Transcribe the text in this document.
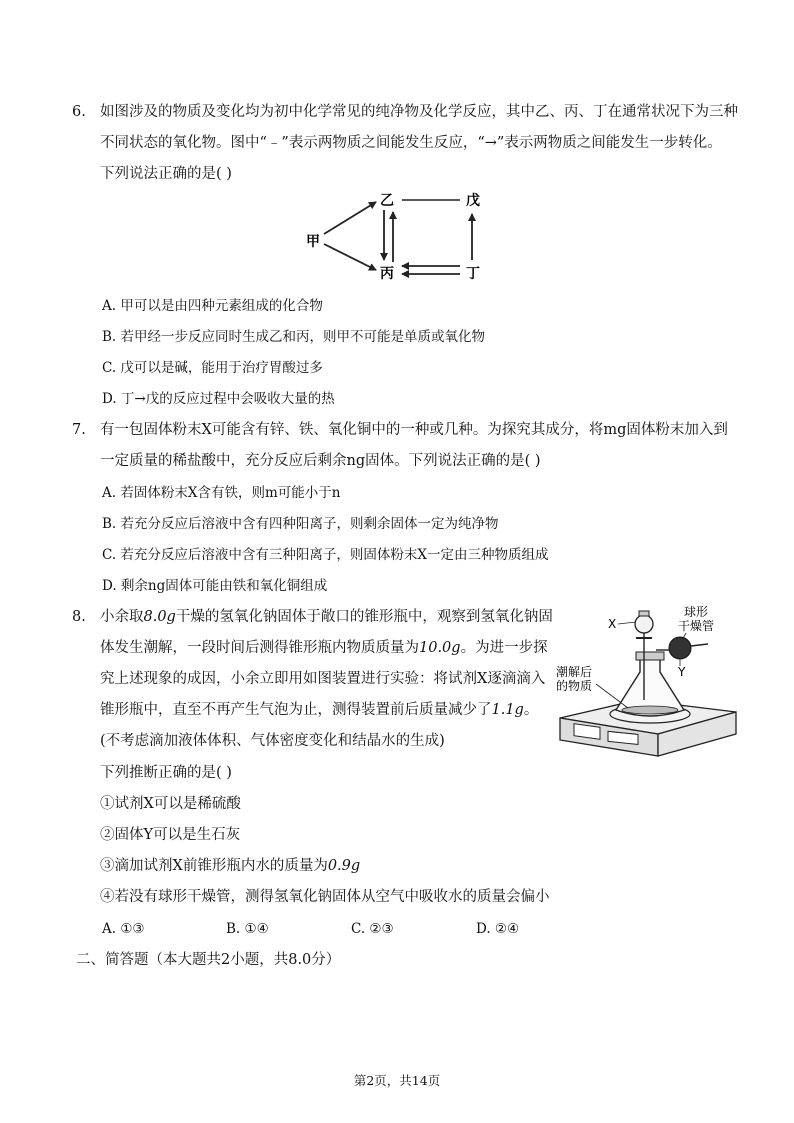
6. 如图涉及的物质及变化均为初中化学常见的纯净物及化学反应，其中乙、丙、丁在通常状况下为三种
不同状态的氧化物。图中“﹣”表示两物质之间能发生反应，“→”表示两物质之间能发生一步转化。
下列说法正确的是( )
甲
乙	戊
丙	丁
A. 甲可以是由四种元素组成的化合物
B. 若甲经一步反应同时生成乙和丙，则甲不可能是单质或氧化物
C. 戊可以是碱，能用于治疗胃酸过多
D. 丁→戊的反应过程中会吸收大量的热
7. 有一包固体粉末X可能含有锌、铁、氧化铜中的一种或几种。为探究其成分，将mg固体粉末加入到
一定质量的稀盐酸中，充分反应后剩余ng固体。下列说法正确的是( )
A. 若固体粉末X含有铁，则m可能小于n
B. 若充分反应后溶液中含有四种阳离子，则剩余固体一定为纯净物
C. 若充分反应后溶液中含有三种阳离子，则固体粉末X一定由三种物质组成
D. 剩余ng固体可能由铁和氧化铜组成
8. 小余取8.0g干燥的氢氧化钠固体于敞口的锥形瓶中，观察到氢氧化钠固
体发生潮解，一段时间后测得锥形瓶内物质质量为10.0g。为进一步探
究上述现象的成因，小余立即用如图装置进行实验：将试剂X逐滴滴入
锥形瓶中，直至不再产生气泡为止，测得装置前后质量减少了1.1g。
(不考虑滴加液体体积、气体密度变化和结晶水的生成)
下列推断正确的是( )
①试剂X可以是稀硫酸
②固体Y可以是生石灰
③滴加试剂X前锥形瓶内水的质量为0.9g
④若没有球形干燥管，测得氢氧化钠固体从空气中吸收水的质量会偏小
A. ①③	B. ①④	C. ②③	D. ②④
X
球形
干燥管
Y
潮解后
的物质
二、简答题（本大题共2小题，共8.0分）
第2页，共14页
